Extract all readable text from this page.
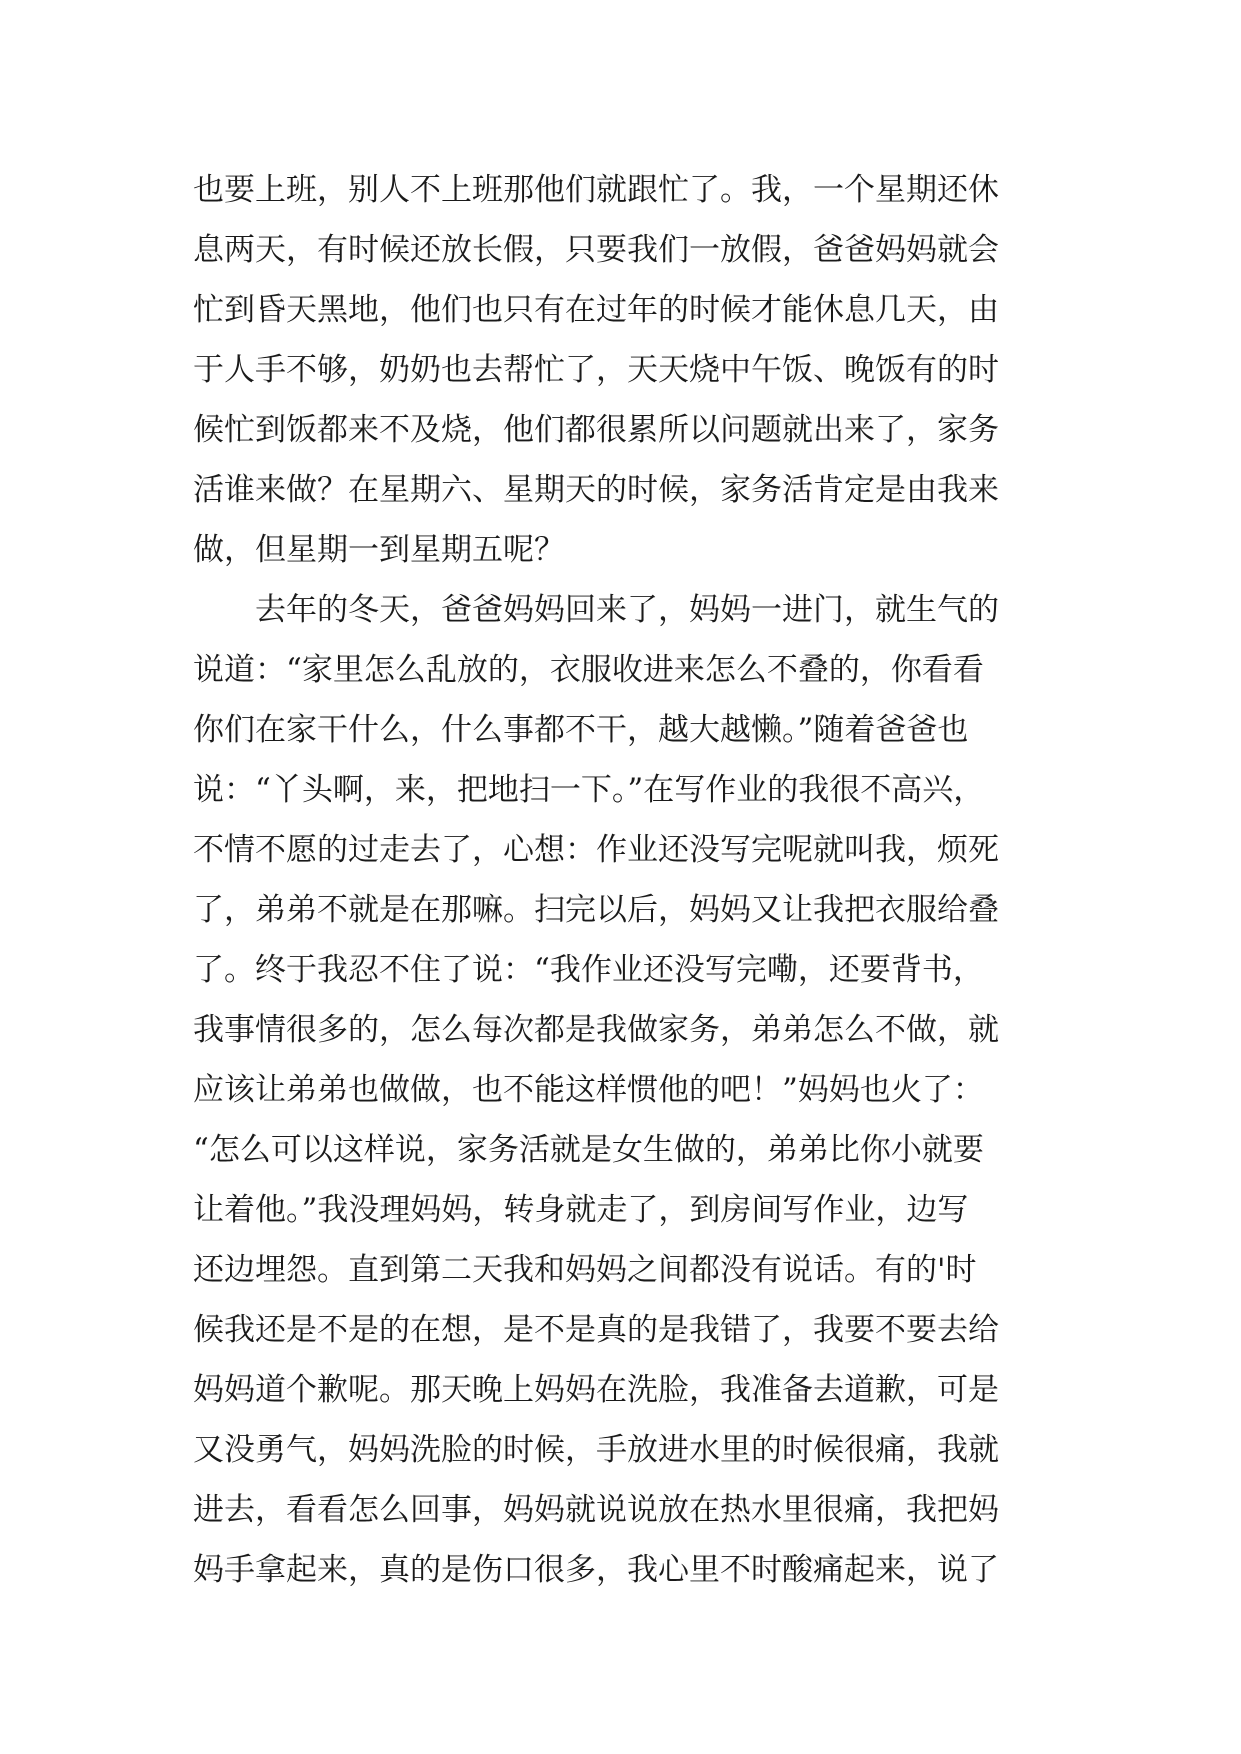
也要上班，别人不上班那他们就跟忙了。我，一个星期还休
息两天，有时候还放长假，只要我们一放假，爸爸妈妈就会
忙到昏天黑地，他们也只有在过年的时候才能休息几天，由
于人手不够，奶奶也去帮忙了，天天烧中午饭、晚饭有的时
候忙到饭都来不及烧，他们都很累所以问题就出来了，家务
活谁来做？在星期六、星期天的时候，家务活肯定是由我来
做，但星期一到星期五呢？
去年的冬天，爸爸妈妈回来了，妈妈一进门，就生气的
说道：“家里怎么乱放的，衣服收进来怎么不叠的，你看看
你们在家干什么，什么事都不干，越大越懒。”随着爸爸也
说：“丫头啊，来，把地扫一下。”在写作业的我很不高兴，
不情不愿的过走去了，心想：作业还没写完呢就叫我，烦死
了，弟弟不就是在那嘛。扫完以后，妈妈又让我把衣服给叠
了。终于我忍不住了说：“我作业还没写完嘞，还要背书，
我事情很多的，怎么每次都是我做家务，弟弟怎么不做，就
应该让弟弟也做做，也不能这样惯他的吧！”妈妈也火了：
“怎么可以这样说，家务活就是女生做的，弟弟比你小就要
让着他。”我没理妈妈，转身就走了，到房间写作业，边写
还边埋怨。直到第二天我和妈妈之间都没有说话。有的'时
候我还是不是的在想，是不是真的是我错了，我要不要去给
妈妈道个歉呢。那天晚上妈妈在洗脸，我准备去道歉，可是
又没勇气，妈妈洗脸的时候，手放进水里的时候很痛，我就
进去，看看怎么回事，妈妈就说说放在热水里很痛，我把妈
妈手拿起来，真的是伤口很多，我心里不时酸痛起来，说了
